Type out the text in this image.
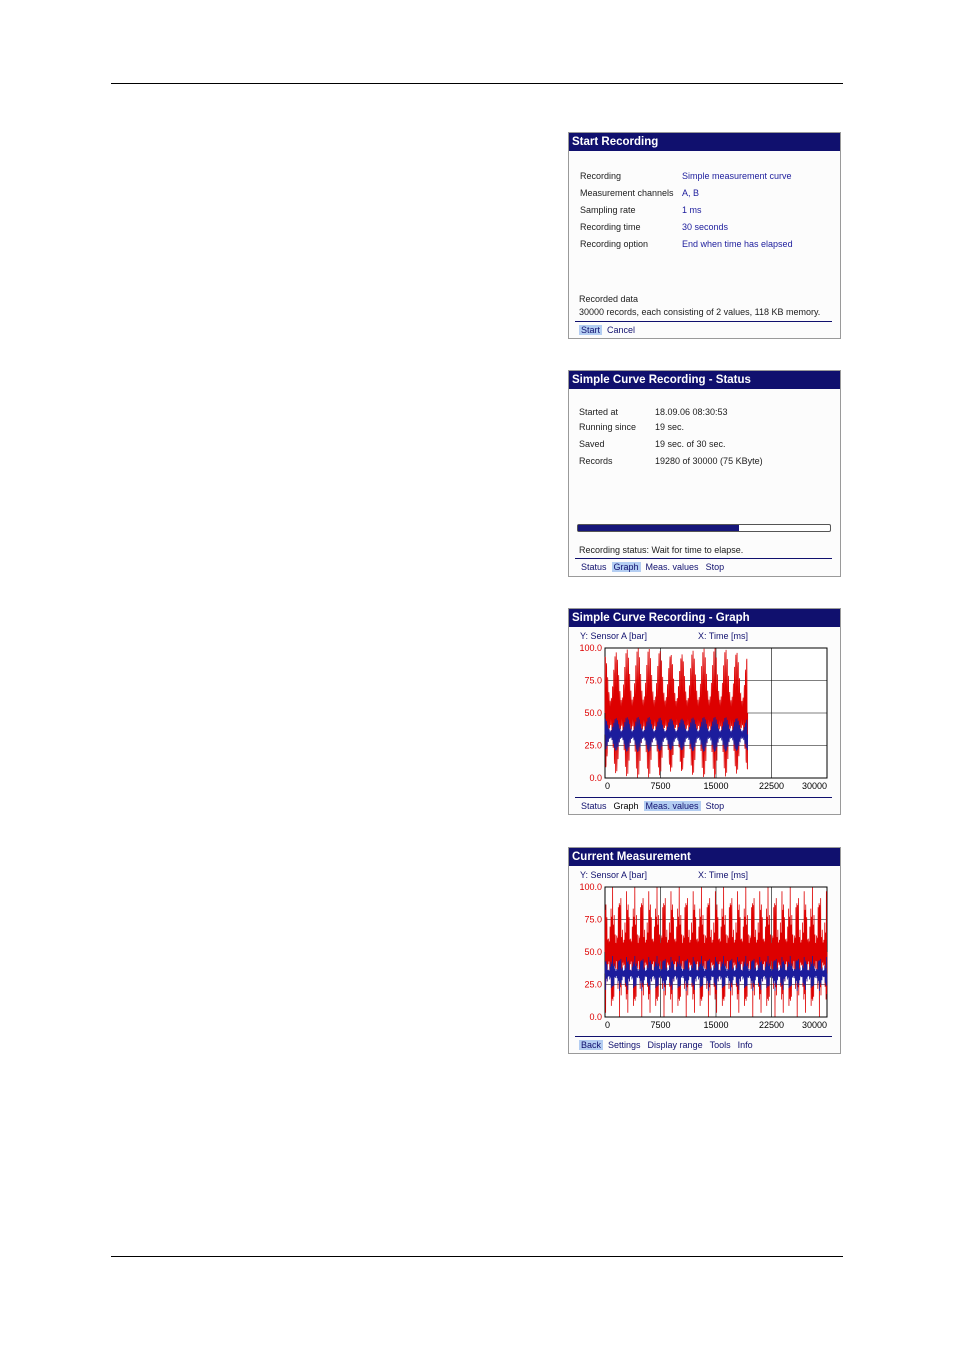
Start Recording
Recording	Simple measurement curve
Measurement channels A, B
Sampling rate	1 ms
Recording time	30 seconds
Recording option	End when time has elapsed
Recorded data
30000 records, each consisting of 2 values, 118 KB memory.
Start Cancel
Simple Curve Recording - Status
Started at	18.09.06 08:30:53
Running since 19 sec.
Saved	19 sec. of 30 sec.
Records	19280 of 30000 (75 KByte)
Recording status: Wait for time to elapse.
Status Graph Meas. values Stop
Simple Curve Recording - Graph
Y: Sensor A [bar]	X: Time [ms]
100.0
75.0
50.0
25.0
0.0
0	7500	15000	22500 30000
Status Graph Meas. values Stop
Current Measurement
Y: Sensor A [bar]	X: Time [ms]
100.0
75.0
50.0
25.0
0.0
0	7500	15000	22500 30000
Back Settings Display range Tools Info
